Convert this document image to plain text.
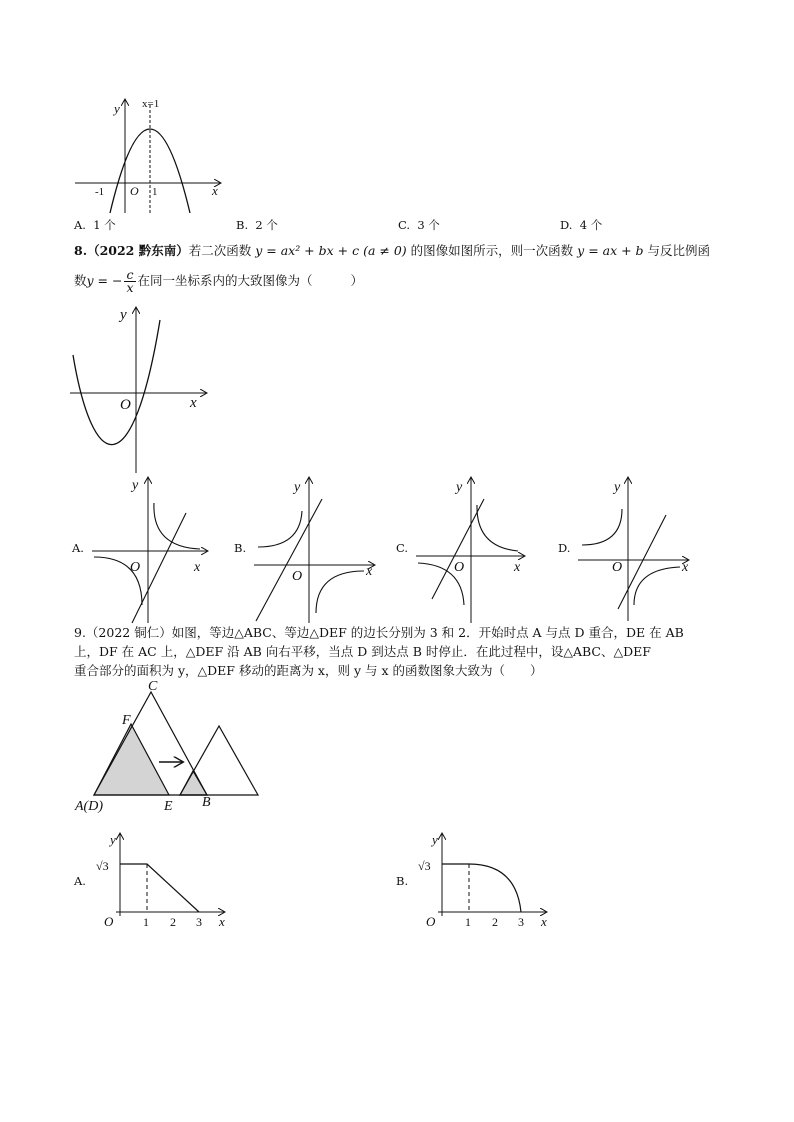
y
x
x=1
O
-1	1
A. 1 个	B. 2 个	C. 3 个	D. 4 个
8.（2022 黔东南）若二次函数 y = ax² + bx + c (a ≠ 0) 的图像如图所示，则一次函数 y = ax + b 与反比例函
数y = − $\frac{c}{x}$ 在同一坐标系内的大致图像为（	）
y
x
O
A.
y
x
O
B.
y
x
O
C.
y
x
O
D.
y
x
O
9.（2022 铜仁）如图，等边△ABC、等边△DEF 的边长分别为 3 和 2．开始时点 A 与点 D 重合，DE 在 AB
上，DF 在 AC 上，△DEF 沿 AB 向右平移，当点 D 到达点 B 时停止．在此过程中，设△ABC、△DEF
重合部分的面积为 y，△DEF 移动的距离为 x，则 y 与 x 的函数图象大致为（　　）
C
F
A(D)	E B
A.
y
√3
O 1 2 3 x
B.
y
√3
O 1 2 3 x
